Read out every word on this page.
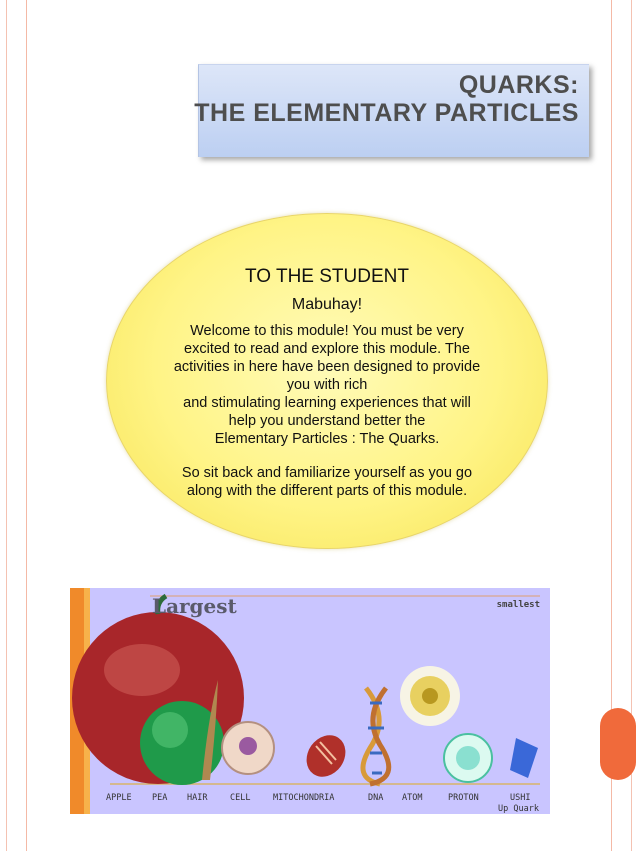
QUARKS:
THE ELEMENTARY PARTICLES
TO THE STUDENT
Mabuhay!
Welcome to this module! You must be very
excited to read and explore this module. The
activities in here have been designed to provide
you with rich
and stimulating learning experiences that will
help you understand better the
Elementary Particles : The Quarks.
So sit back and familiarize yourself as you go
along with the different parts of this module.
Largest	smallest
APPLE PEA HAIR	CELL	MITOCHONDRIA	DNA ATOM	PROTON	USHI
Up Quark
